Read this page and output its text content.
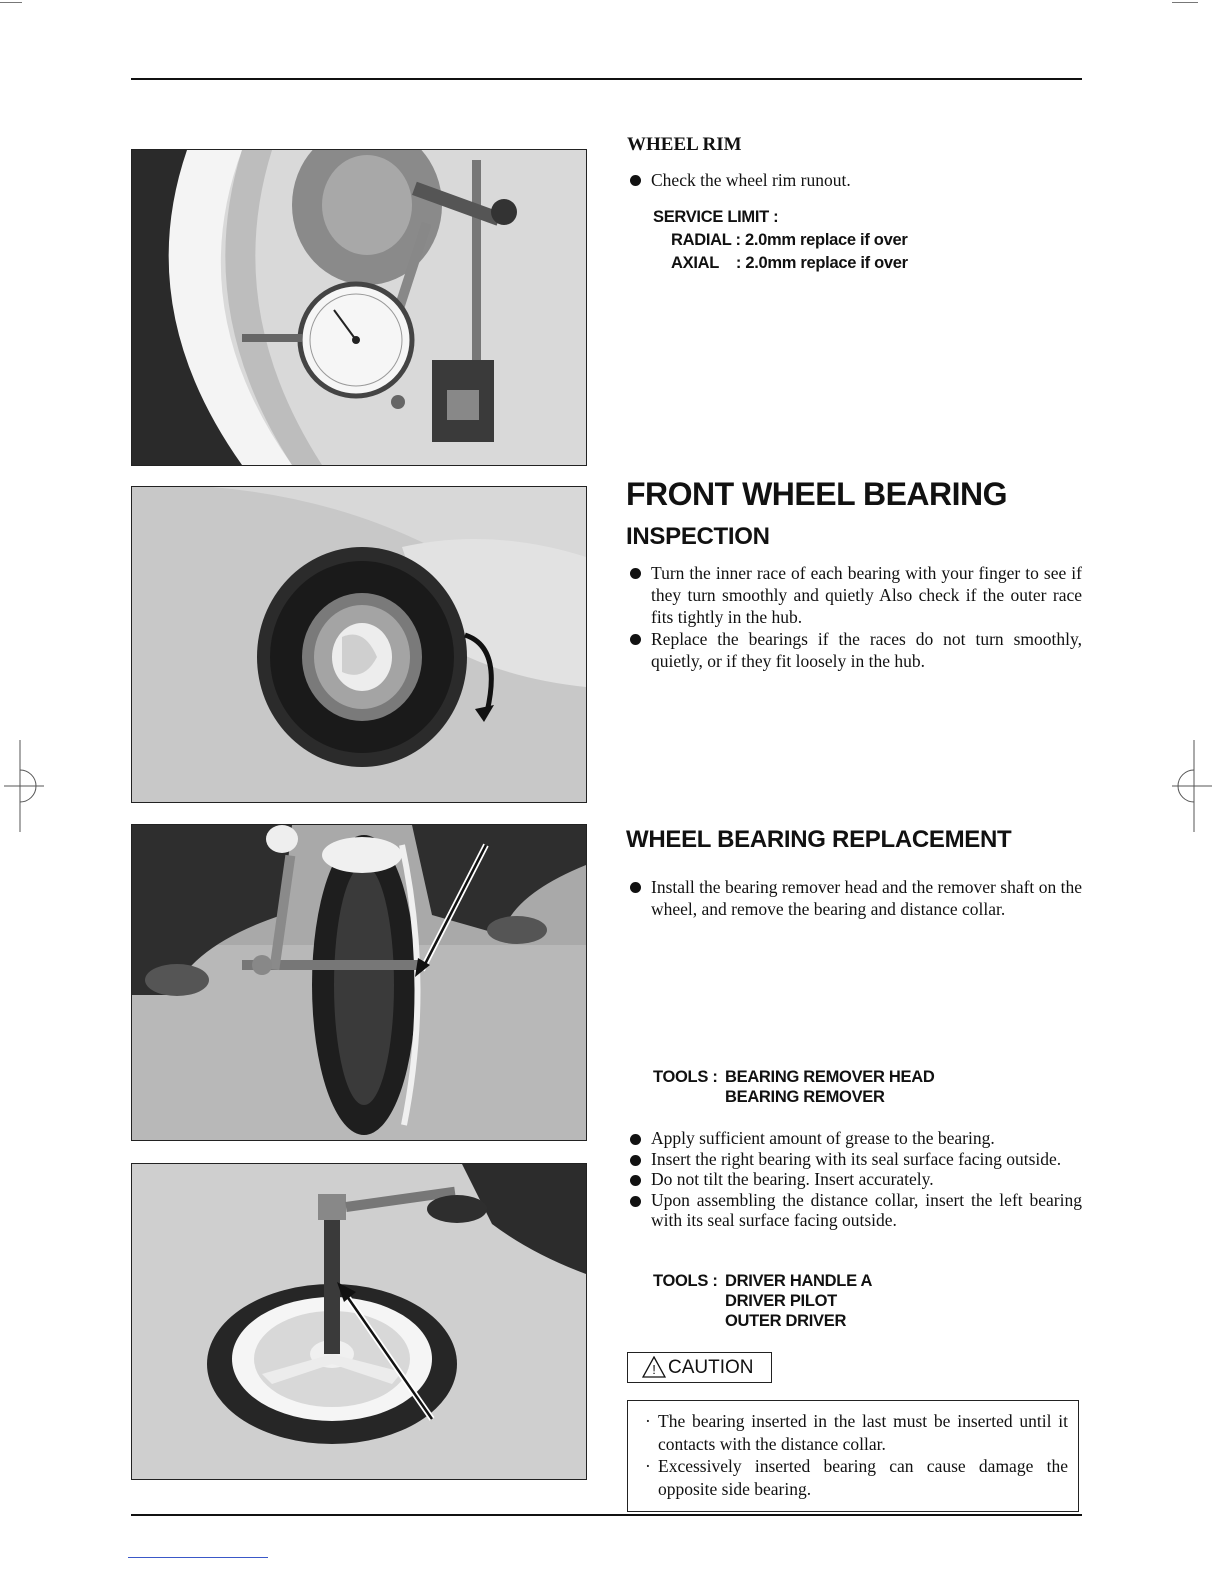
WHEEL RIM
Check the wheel rim runout.
SERVICE LIMIT :
RADIAL : 2.0mm replace if over
AXIAL    : 2.0mm replace if over
FRONT WHEEL BEARING
INSPECTION
Turn the inner race of each bearing with your finger to see if they turn smoothly and quietly Also check if the outer race fits tightly in the hub.
Replace the bearings if the races do not turn smoothly, quietly, or if they fit loosely in the hub.
WHEEL BEARING REPLACEMENT
Install the bearing remover head and the remover shaft on the wheel, and remove the bearing and distance collar.
TOOLS : BEARING REMOVER HEAD
BEARING REMOVER
Apply sufficient amount of grease to the bearing.
Insert the right bearing with its seal surface facing outside.
Do not tilt the bearing. Insert accurately.
Upon assembling the distance collar, insert the left bearing with its seal surface facing outside.
TOOLS : DRIVER HANDLE A
DRIVER PILOT
OUTER DRIVER
! CAUTION

· The bearing inserted in the last must be inserted until it contacts with the distance collar.

· Excessively inserted bearing can cause damage the opposite side bearing.
